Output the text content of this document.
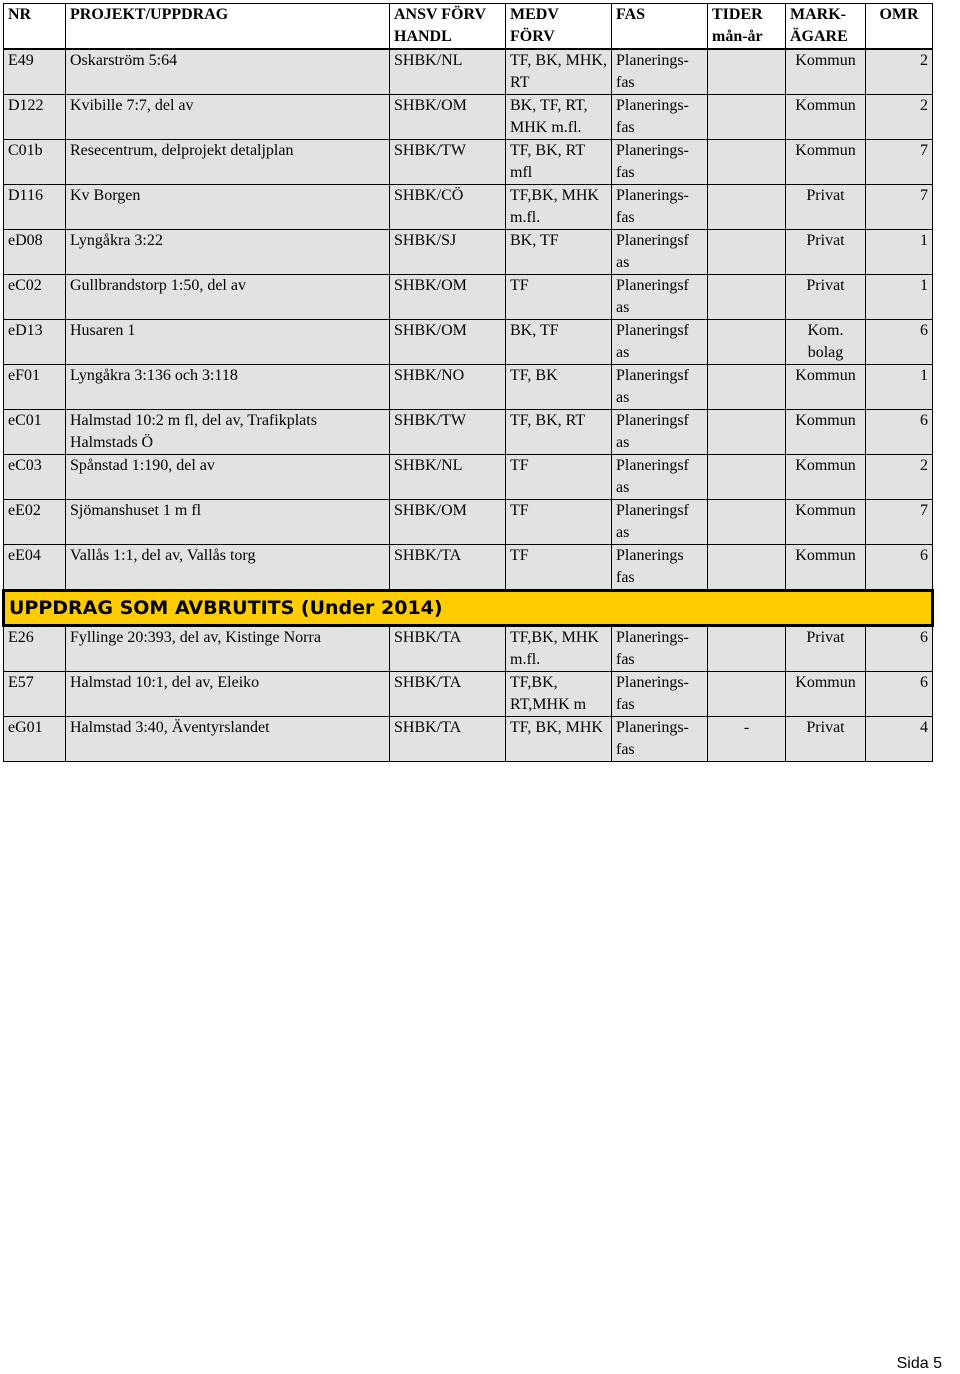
NR	PROJEKT/UPPDRAG	ANSV FÖRV HANDL	MEDV FÖRV	FAS	TIDER mån-år	MARK- ÄGARE	OMR
E49	Oskarström 5:64	SHBK/NL	TF, BK, MHK, RT	Planerings- fas		Kommun	2
D122	Kvibille 7:7, del av	SHBK/OM	BK, TF, RT, MHK m.fl.	Planerings- fas		Kommun	2
C01b	Resecentrum, delprojekt detaljplan	SHBK/TW	TF, BK, RT mfl	Planerings- fas		Kommun	7
D116	Kv Borgen	SHBK/CÖ	TF,BK, MHK m.fl.	Planerings- fas		Privat	7
eD08	Lyngåkra 3:22	SHBK/SJ	BK, TF	Planeringsf as		Privat	1
eC02	Gullbrandstorp 1:50, del av	SHBK/OM	TF	Planeringsf as		Privat	1
eD13	Husaren 1	SHBK/OM	BK, TF	Planeringsf as		Kom. bolag	6
eF01	Lyngåkra 3:136 och 3:118	SHBK/NO	TF, BK	Planeringsf as		Kommun	1
eC01	Halmstad 10:2 m fl, del av, Trafikplats Halmstads Ö	SHBK/TW	TF, BK, RT	Planeringsf as		Kommun	6
eC03	Spånstad 1:190, del av	SHBK/NL	TF	Planeringsf as		Kommun	2
eE02	Sjömanshuset 1 m fl	SHBK/OM	TF	Planeringsf as		Kommun	7
eE04	Vallås 1:1, del av, Vallås torg	SHBK/TA	TF	Planerings fas		Kommun	6
UPPDRAG SOM AVBRUTITS (Under 2014)							
E26	Fyllinge 20:393, del av, Kistinge Norra	SHBK/TA	TF,BK, MHK m.fl.	Planerings- fas		Privat	6
E57	Halmstad 10:1, del av, Eleiko	SHBK/TA	TF,BK, RT,MHK m	Planerings- fas		Kommun	6
eG01	Halmstad 3:40, Äventyrslandet	SHBK/TA	TF, BK, MHK	Planerings- fas	-	Privat	4
Sida 5
